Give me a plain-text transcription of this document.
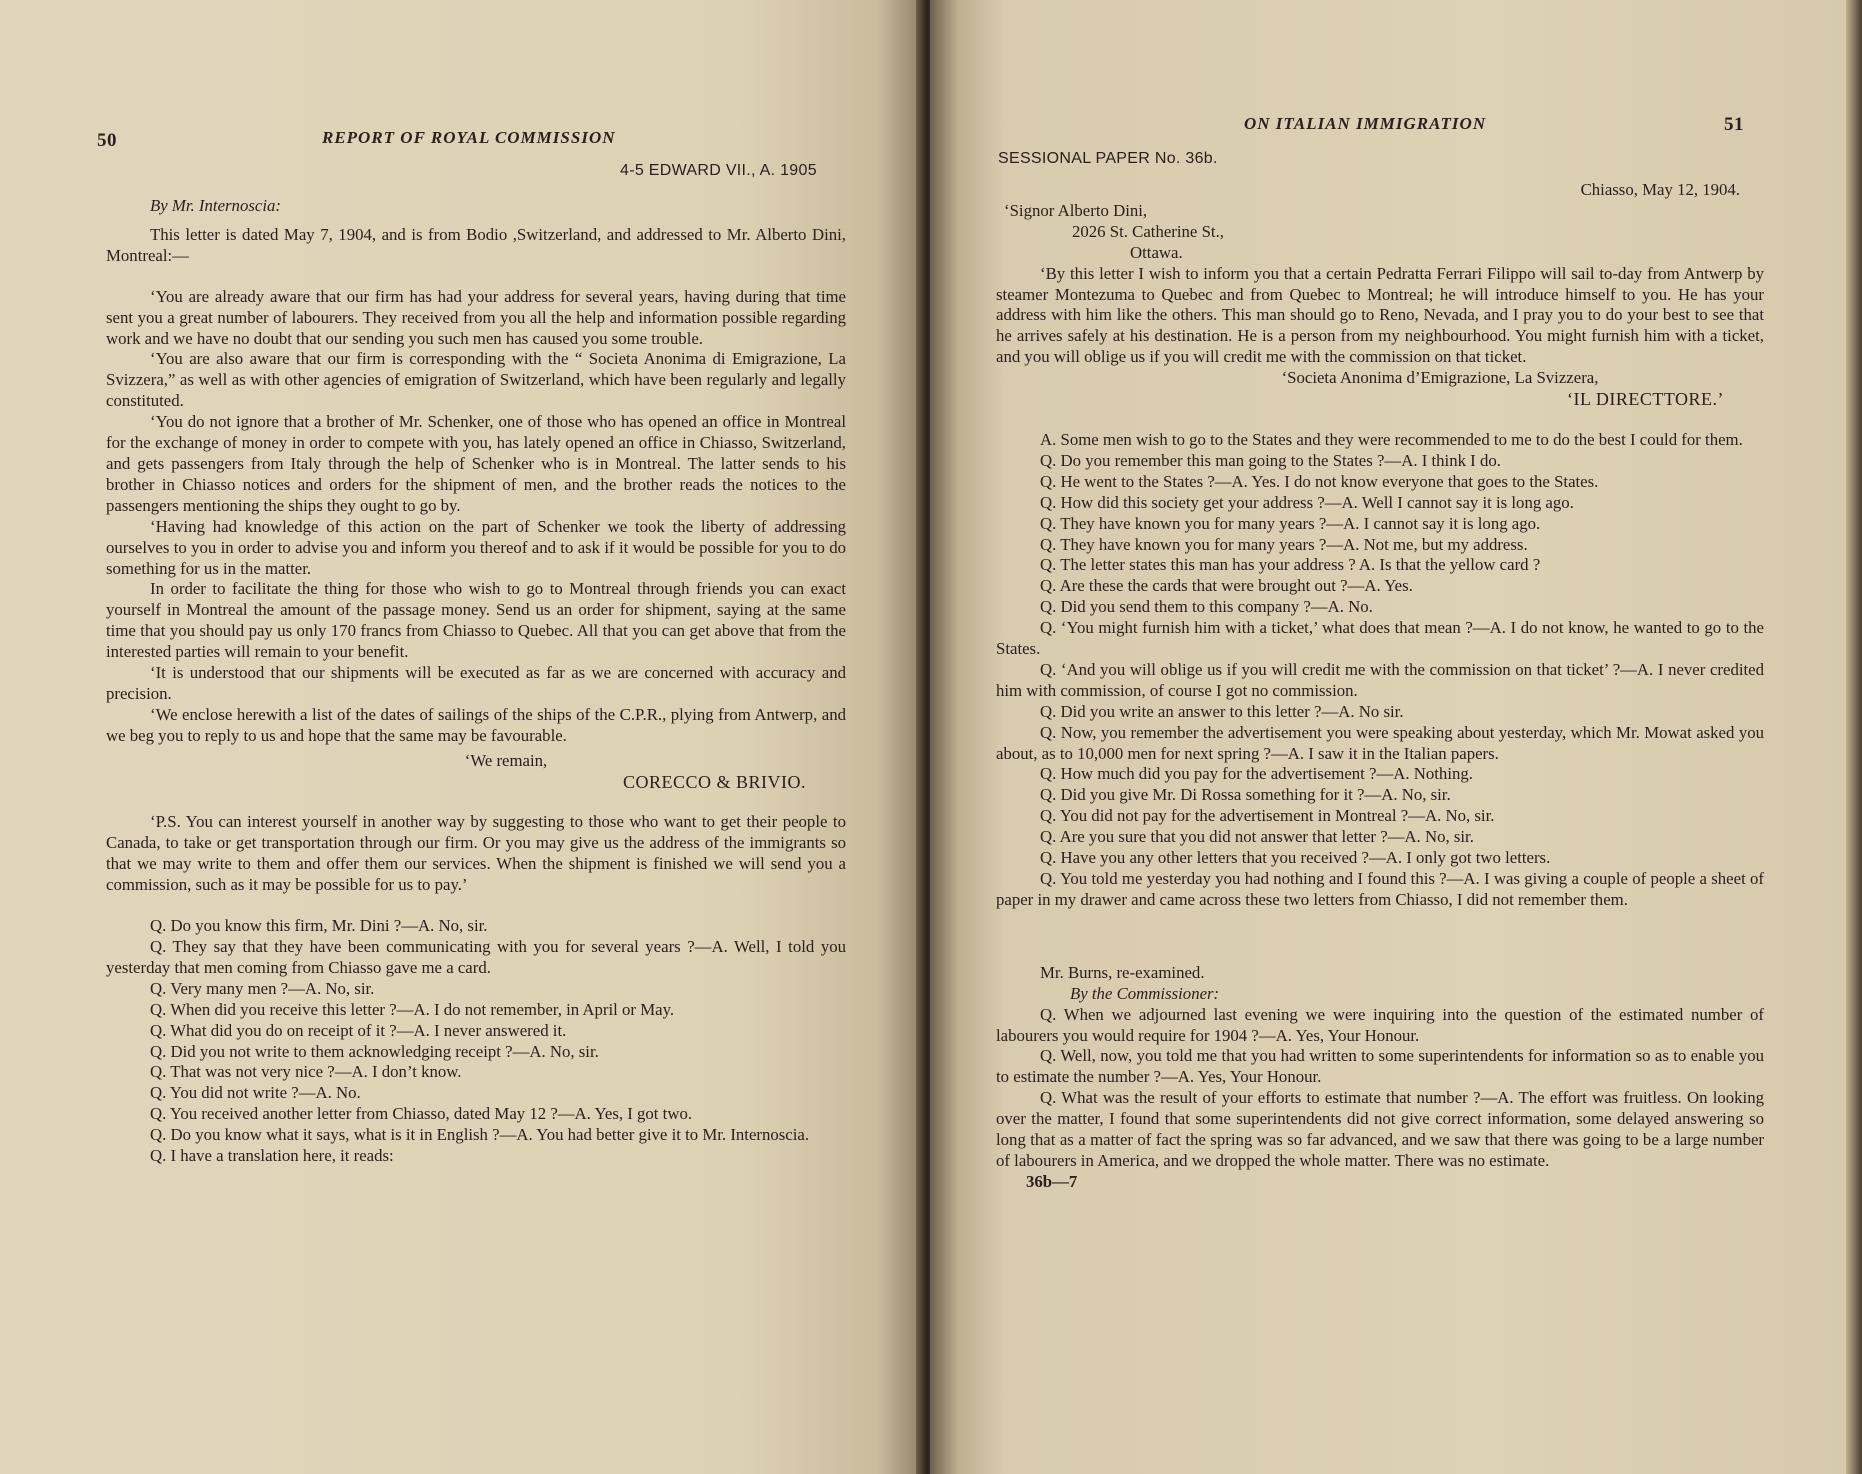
50	REPORT OF ROYAL COMMISSION
4-5 EDWARD VII., A. 1905

By Mr. Internoscia:

This letter is dated May 7, 1904, and is from Bodio ,Switzerland, and addressed to Mr. Alberto Dini, Montreal:—

‘You are already aware that our firm has had your address for several years, having during that time sent you a great number of labourers. They received from you all the help and information possible regarding work and we have no doubt that our sending you such men has caused you some trouble.

‘You are also aware that our firm is corresponding with the “ Societa Anonima di Emigrazione, La Svizzera,” as well as with other agencies of emigration of Switzerland, which have been regularly and legally constituted.

‘You do not ignore that a brother of Mr. Schenker, one of those who has opened an office in Montreal for the exchange of money in order to compete with you, has lately opened an office in Chiasso, Switzerland, and gets passengers from Italy through the help of Schenker who is in Montreal. The latter sends to his brother in Chiasso notices and orders for the shipment of men, and the brother reads the notices to the passengers mentioning the ships they ought to go by.

‘Having had knowledge of this action on the part of Schenker we took the liberty of addressing ourselves to you in order to advise you and inform you thereof and to ask if it would be possible for you to do something for us in the matter.

In order to facilitate the thing for those who wish to go to Montreal through friends you can exact yourself in Montreal the amount of the passage money. Send us an order for shipment, saying at the same time that you should pay us only 170 francs from Chiasso to Quebec. All that you can get above that from the interested parties will remain to your benefit.

‘It is understood that our shipments will be executed as far as we are concerned with accuracy and precision.

‘We enclose herewith a list of the dates of sailings of the ships of the C.P.R., plying from Antwerp, and we beg you to reply to us and hope that the same may be favourable.

‘We remain,

CORECCO & BRIVIO.

‘P.S. You can interest yourself in another way by suggesting to those who want to get their people to Canada, to take or get transportation through our firm. Or you may give us the address of the immigrants so that we may write to them and offer them our services. When the shipment is finished we will send you a commission, such as it may be possible for us to pay.’

Q. Do you know this firm, Mr. Dini ?—A. No, sir.

Q. They say that they have been communicating with you for several years ?—A. Well, I told you yesterday that men coming from Chiasso gave me a card.

Q. Very many men ?—A. No, sir.

Q. When did you receive this letter ?—A. I do not remember, in April or May.

Q. What did you do on receipt of it ?—A. I never answered it.

Q. Did you not write to them acknowledging receipt ?—A. No, sir.

Q. That was not very nice ?—A. I don’t know.

Q. You did not write ?—A. No.

Q. You received another letter from Chiasso, dated May 12 ?—A. Yes, I got two.

Q. Do you know what it says, what is it in English ?—A. You had better give it to Mr. Internoscia.

Q. I have a translation here, it reads:

ON ITALIAN IMMIGRATION	51
SESSIONAL PAPER No. 36b.

Chiasso, May 12, 1904.

‘Signor Alberto Dini,

2026 St. Catherine St.,

Ottawa.

‘By this letter I wish to inform you that a certain Pedratta Ferrari Filippo will sail to-day from Antwerp by steamer Montezuma to Quebec and from Quebec to Montreal; he will introduce himself to you. He has your address with him like the others. This man should go to Reno, Nevada, and I pray you to do your best to see that he arrives safely at his destination. He is a person from my neighbourhood. You might furnish him with a ticket, and you will oblige us if you will credit me with the commission on that ticket.

‘Societa Anonima d’Emigrazione, La Svizzera,

‘IL DIRECTTORE.’

A. Some men wish to go to the States and they were recommended to me to do the best I could for them.

Q. Do you remember this man going to the States ?—A. I think I do.

Q. He went to the States ?—A. Yes. I do not know everyone that goes to the States.

Q. How did this society get your address ?—A. Well I cannot say it is long ago.

Q. They have known you for many years ?—A. I cannot say it is long ago.

Q. They have known you for many years ?—A. Not me, but my address.

Q. The letter states this man has your address ? A. Is that the yellow card ?

Q. Are these the cards that were brought out ?—A. Yes.

Q. Did you send them to this company ?—A. No.

Q. ‘You might furnish him with a ticket,’ what does that mean ?—A. I do not know, he wanted to go to the States.

Q. ‘And you will oblige us if you will credit me with the commission on that ticket’ ?—A. I never credited him with commission, of course I got no commission.

Q. Did you write an answer to this letter ?—A. No sir.

Q. Now, you remember the advertisement you were speaking about yesterday, which Mr. Mowat asked you about, as to 10,000 men for next spring ?—A. I saw it in the Italian papers.

Q. How much did you pay for the advertisement ?—A. Nothing.

Q. Did you give Mr. Di Rossa something for it ?—A. No, sir.

Q. You did not pay for the advertisement in Montreal ?—A. No, sir.

Q. Are you sure that you did not answer that letter ?—A. No, sir.

Q. Have you any other letters that you received ?—A. I only got two letters.

Q. You told me yesterday you had nothing and I found this ?—A. I was giving a couple of people a sheet of paper in my drawer and came across these two letters from Chiasso, I did not remember them.

Mr. Burns, re-examined.

By the Commissioner:

Q. When we adjourned last evening we were inquiring into the question of the estimated number of labourers you would require for 1904 ?—A. Yes, Your Honour.

Q. Well, now, you told me that you had written to some superintendents for information so as to enable you to estimate the number ?—A. Yes, Your Honour.

Q. What was the result of your efforts to estimate that number ?—A. The effort was fruitless. On looking over the matter, I found that some superintendents did not give correct information, some delayed answering so long that as a matter of fact the spring was so far advanced, and we saw that there was going to be a large number of labourers in America, and we dropped the whole matter. There was no estimate.

36b—7
